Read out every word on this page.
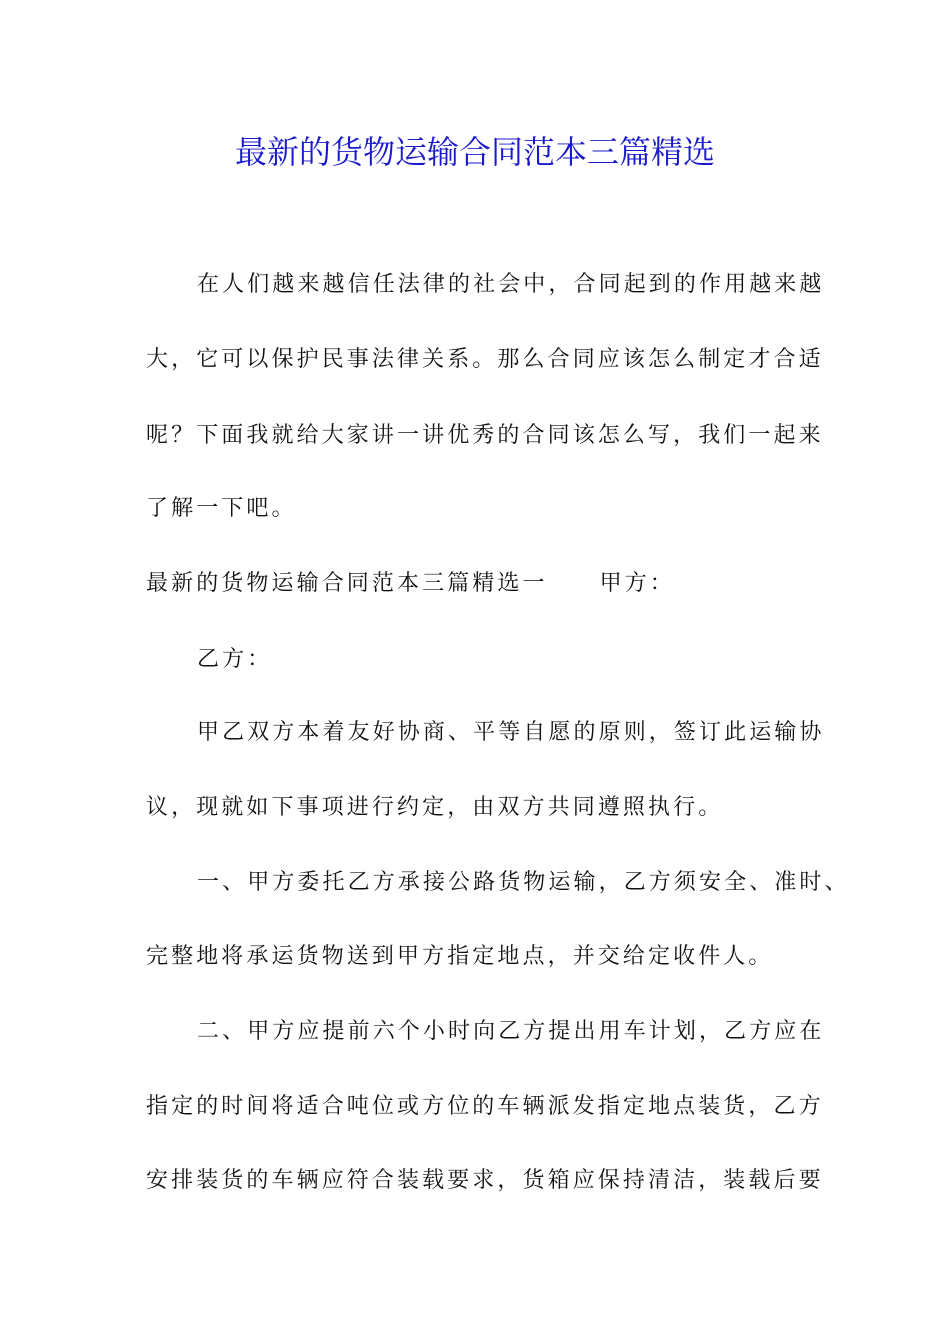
最新的货物运输合同范本三篇精选

在人们越来越信任法律的社会中，合同起到的作用越来越

大，它可以保护民事法律关系。那么合同应该怎么制定才合适

呢？下面我就给大家讲一讲优秀的合同该怎么写，我们一起来

了解一下吧。

最新的货物运输合同范本三篇精选一 甲方：

乙方：

甲乙双方本着友好协商、平等自愿的原则，签订此运输协

议，现就如下事项进行约定，由双方共同遵照执行。

一、甲方委托乙方承接公路货物运输，乙方须安全、准时、

完整地将承运货物送到甲方指定地点，并交给定收件人。

二、甲方应提前六个小时向乙方提出用车计划，乙方应在

指定的时间将适合吨位或方位的车辆派发指定地点装货，乙方

安排装货的车辆应符合装载要求，货箱应保持清洁，装载后要
